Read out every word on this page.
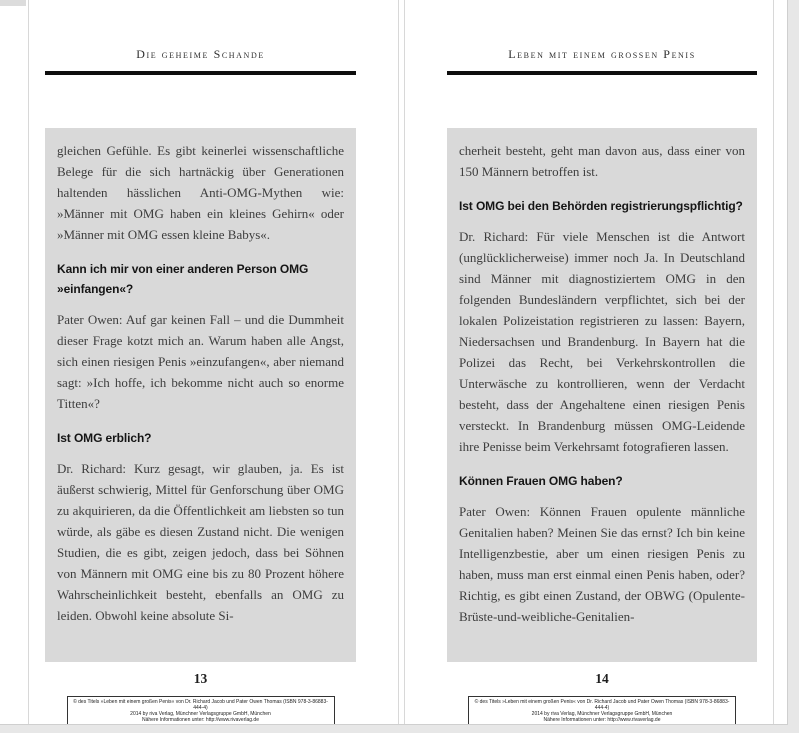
Die geheime Schande

gleichen Gefühle. Es gibt keinerlei wissenschaftliche Belege für die sich hartnäckig über Generationen haltenden hässlichen Anti-OMG-Mythen wie: »Männer mit OMG haben ein kleines Gehirn« oder »Männer mit OMG essen kleine Babys«.

Kann ich mir von einer anderen Person OMG »einfangen«?

Pater Owen: Auf gar keinen Fall – und die Dummheit dieser Frage kotzt mich an. Warum haben alle Angst, sich einen riesigen Penis »einzufangen«, aber niemand sagt: »Ich hoffe, ich bekomme nicht auch so enorme Titten«?

Ist OMG erblich?

Dr. Richard: Kurz gesagt, wir glauben, ja. Es ist äußerst schwierig, Mittel für Genforschung über OMG zu akquirieren, da die Öffentlichkeit am liebsten so tun würde, als gäbe es diesen Zustand nicht. Die wenigen Studien, die es gibt, zeigen jedoch, dass bei Söhnen von Männern mit OMG eine bis zu 80 Prozent höhere Wahrscheinlichkeit besteht, ebenfalls an OMG zu leiden. Obwohl keine absolute Si-

13
© des Titels »Leben mit einem großen Penis« von Dr. Richard Jacob und Pater Owen Thomas (ISBN 978-3-86883-444-4)
2014 by riva Verlag, Münchner Verlagsgruppe GmbH, München
Nähere Informationen unter: http://www.rivaverlag.de
Leben mit einem grossen Penis

cherheit besteht, geht man davon aus, dass einer von 150 Männern betroffen ist.

Ist OMG bei den Behörden registrierungspflichtig?

Dr. Richard: Für viele Menschen ist die Antwort (unglücklicherweise) immer noch Ja. In Deutschland sind Männer mit diagnostiziertem OMG in den folgenden Bundesländern verpflichtet, sich bei der lokalen Polizeistation registrieren zu lassen: Bayern, Niedersachsen und Brandenburg. In Bayern hat die Polizei das Recht, bei Verkehrskontrollen die Unterwäsche zu kontrollieren, wenn der Verdacht besteht, dass der Angehaltene einen riesigen Penis versteckt. In Brandenburg müssen OMG-Leidende ihre Penisse beim Verkehrsamt fotografieren lassen.

Können Frauen OMG haben?

Pater Owen: Können Frauen opulente männliche Genitalien haben? Meinen Sie das ernst? Ich bin keine Intelligenzbestie, aber um einen riesigen Penis zu haben, muss man erst einmal einen Penis haben, oder? Richtig, es gibt einen Zustand, der OBWG (Opulente-Brüste-und-weibliche-Genitalien-

14
© des Titels »Leben mit einem großen Penis« von Dr. Richard Jacob und Pater Owen Thomas (ISBN 978-3-86883-444-4)
2014 by riva Verlag, Münchner Verlagsgruppe GmbH, München
Nähere Informationen unter: http://www.rivaverlag.de
